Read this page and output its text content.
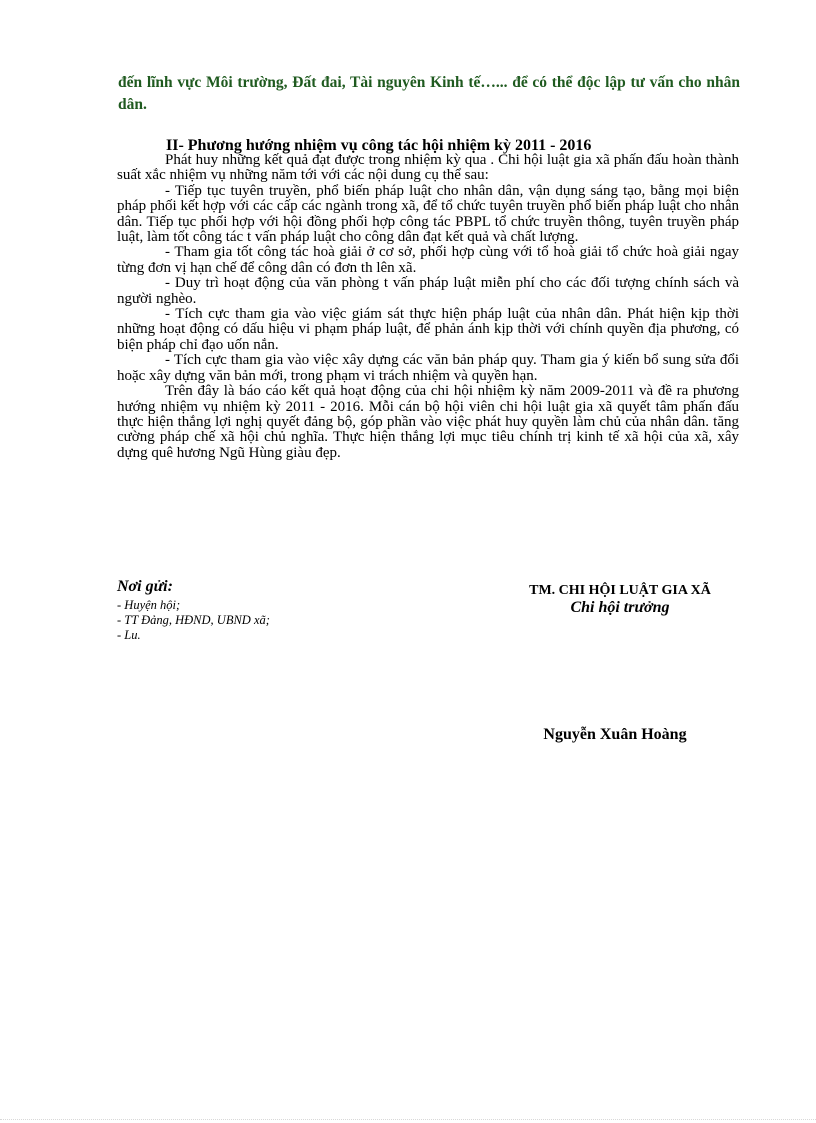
đến lĩnh vực Môi trường, Đất đai, Tài nguyên Kinh tế…... để có thể độc lập tư vấn cho nhân dân.
II- Phương hướng nhiệm vụ công tác hội nhiệm kỳ 2011 - 2016

Phát huy những kết quả đạt được trong nhiệm kỳ qua . Chi hội luật gia xã phấn đấu hoàn thành suất xắc nhiệm vụ những năm tới với các nội dung cụ thể sau:

- Tiếp tục tuyên truyền, phổ biến pháp luật cho nhân dân, vận dụng sáng tạo, bằng mọi biện pháp phối kết hợp với các cấp các ngành trong xã, để tổ chức tuyên truyền phổ biến pháp luật cho nhân dân. Tiếp tục phối hợp với hội đồng phối hợp công tác PBPL tổ chức truyền thông, tuyên truyền pháp luật, làm tốt công tác t vấn pháp luật cho công dân đạt kết quả và chất lượng.

- Tham gia tốt công tác hoà giải ở cơ sở, phối hợp cùng với tổ hoà giải tổ chức hoà giải ngay từng đơn vị hạn chế để công dân có đơn th lên xã.

- Duy trì hoạt động của văn phòng t vấn pháp luật miễn phí cho các đối tượng chính sách và người nghèo.

- Tích cực tham gia vào việc giám sát thực hiện pháp luật của nhân dân. Phát hiện kịp thời những hoạt động có dấu hiệu vi phạm pháp luật, để phản ánh kịp thời với chính quyền địa phương, có biện pháp chỉ đạo uốn nắn.

- Tích cực tham gia vào việc xây dựng các văn bản pháp quy. Tham gia ý kiến bổ sung sửa đổi hoặc xây dựng văn bản mới, trong phạm vi trách nhiệm và quyền hạn.

Trên đây là báo cáo kết quả hoạt động của chi hội nhiệm kỳ năm 2009-2011 và đề ra phương hướng nhiệm vụ nhiệm kỳ 2011 - 2016. Mỗi cán bộ hội viên chi hội luật gia xã quyết tâm phấn đấu thực hiện thắng lợi nghị quyết đảng bộ, góp phần vào việc phát huy quyền làm chủ của nhân dân. tăng cường pháp chế xã hội chủ nghĩa. Thực hiện thắng lợi mục tiêu chính trị kinh tế xã hội của xã, xây dựng quê hương Ngũ Hùng giàu đẹp.

Nơi gửi:
- Huyện hội;
- TT Đảng, HĐND, UBND xã;
- Lu.
TM. CHI HỘI LUẬT GIA XÃ
Chi hội trưởng
Nguyễn Xuân Hoàng
